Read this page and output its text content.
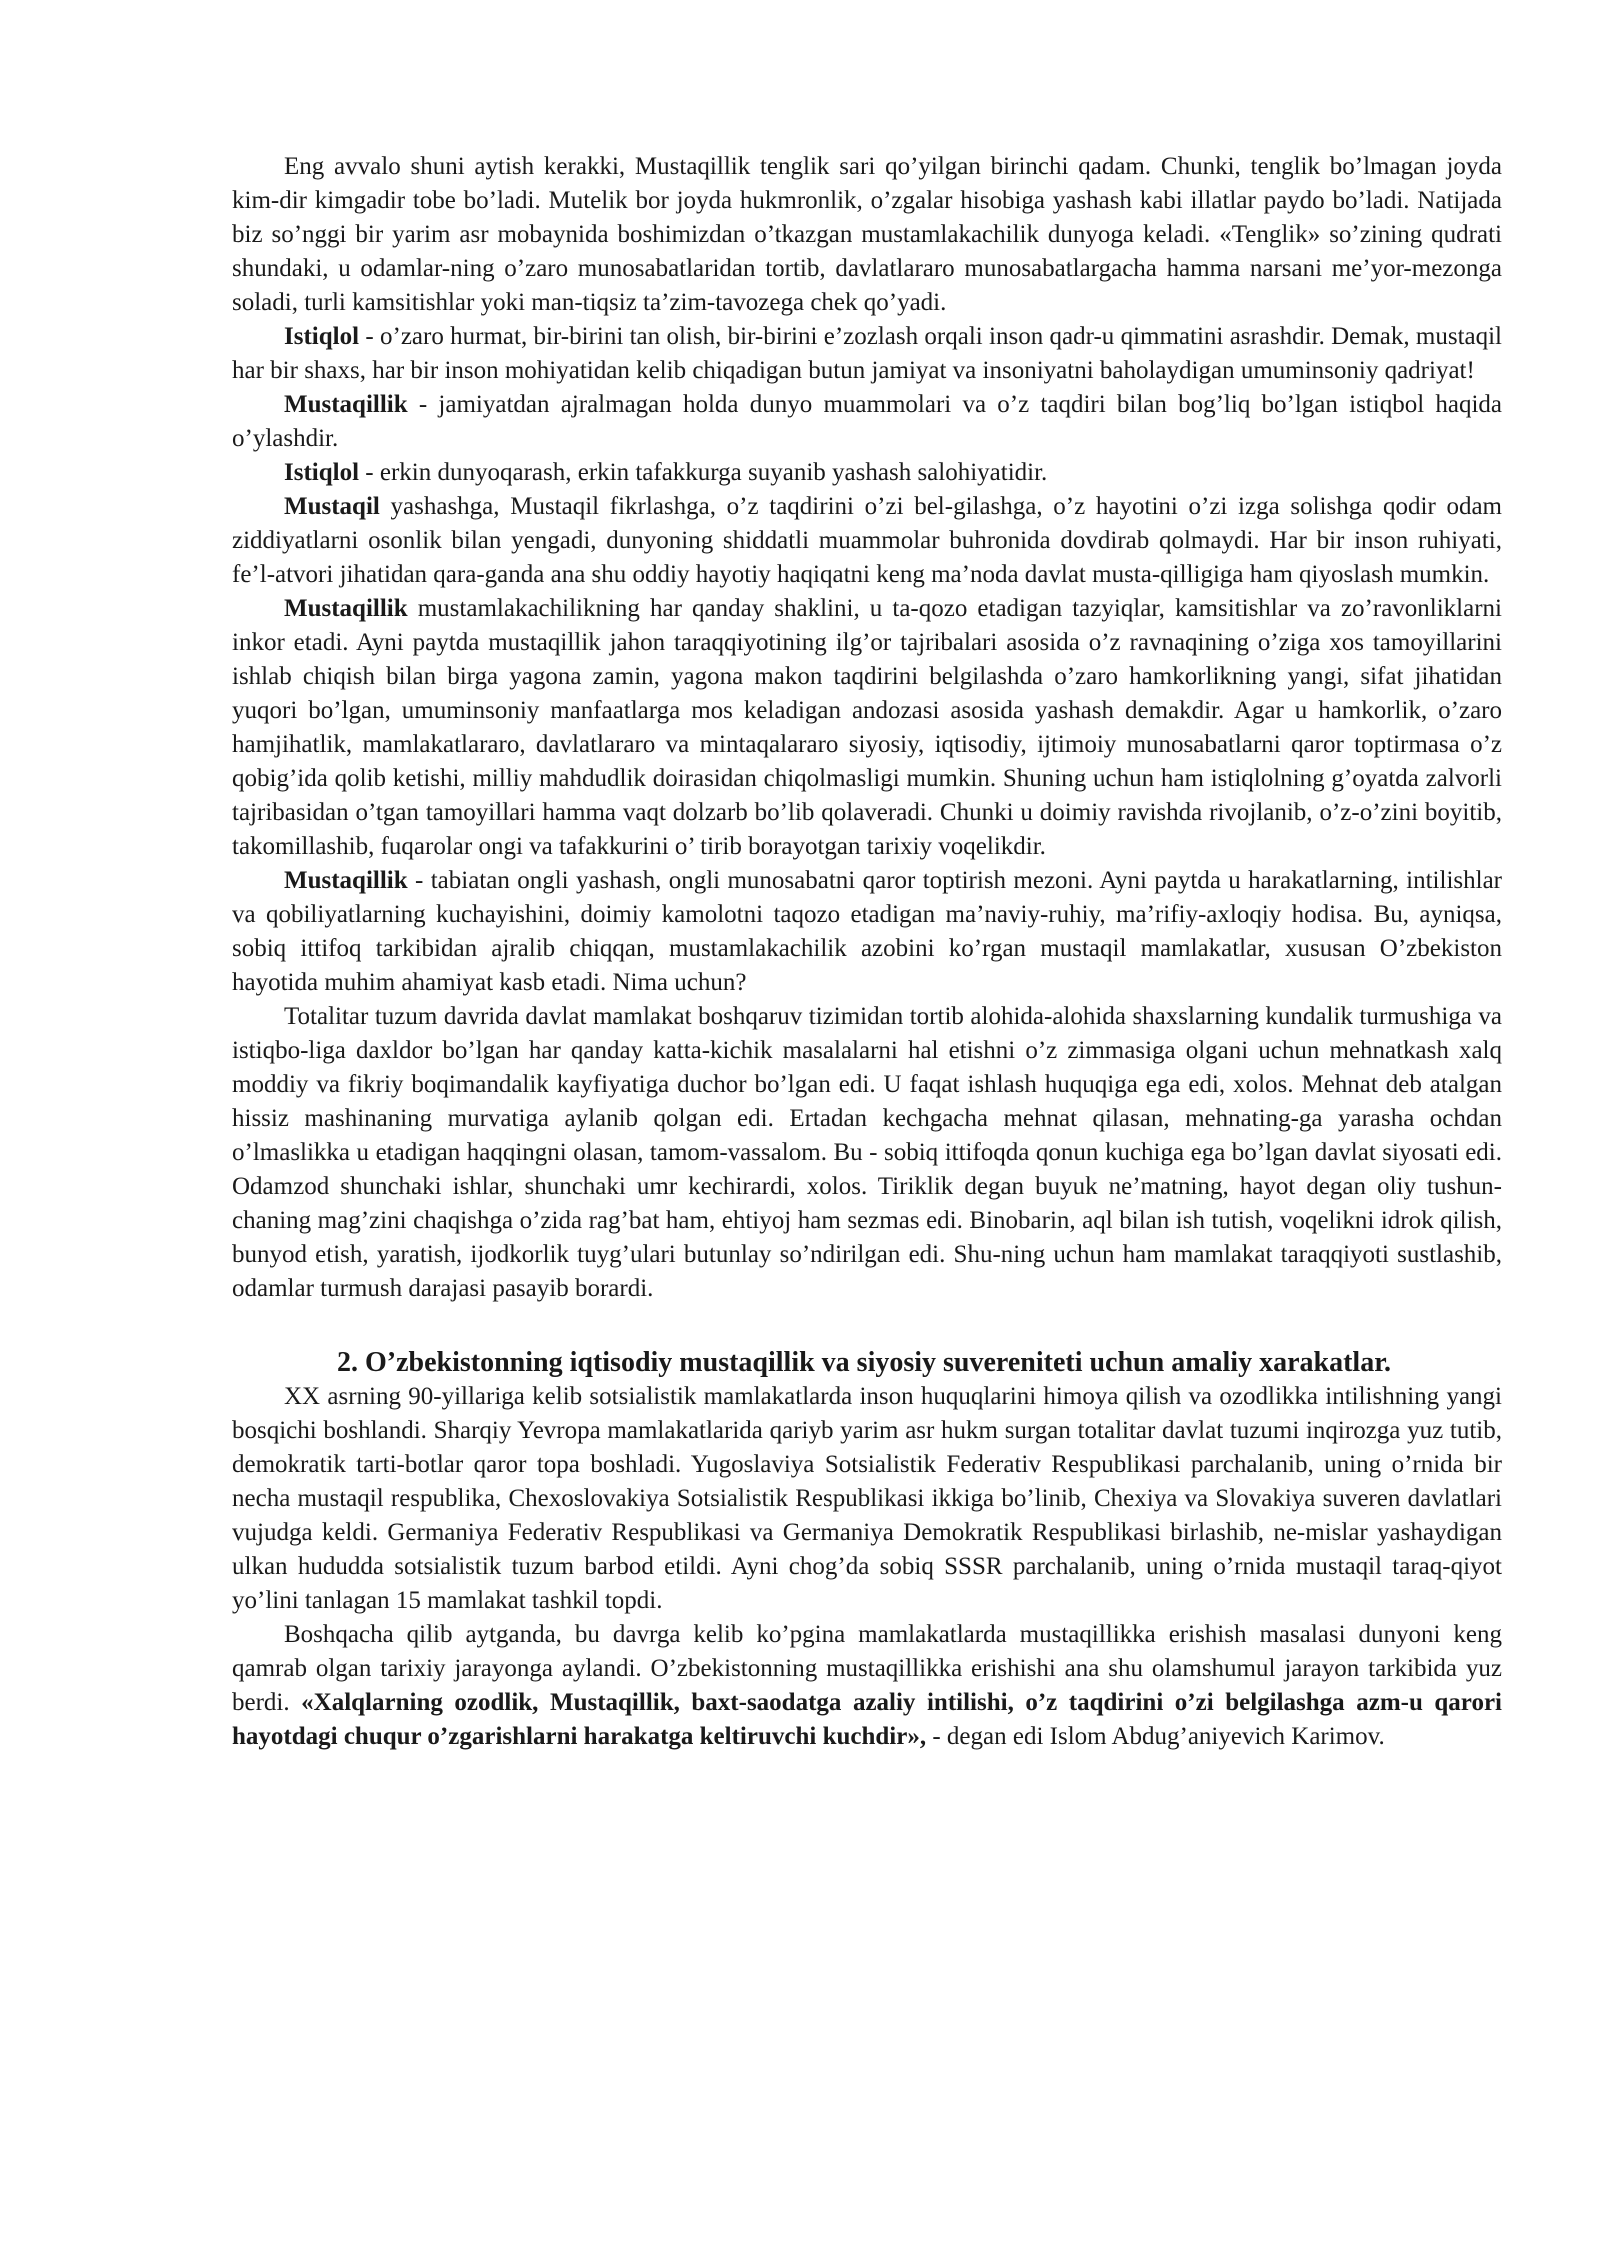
Eng avvalo shuni aytish kerakki, Mustaqillik tenglik sari qo’yilgan birinchi qadam. Chunki, tenglik bo’lmagan joyda kim-dir kimgadir tobe bo’ladi. Mutelik bor joyda hukmronlik, o’zgalar hisobiga yashash kabi illatlar paydo bo’ladi. Natijada biz so’nggi bir yarim asr mobaynida boshimizdan o’tkazgan mustamlakachilik dunyoga keladi. «Tenglik» so’zining qudrati shundaki, u odamlar-ning o’zaro munosabatlaridan tortib, davlatlararo munosabatlargacha hamma narsani me’yor-mezonga soladi, turli kamsitishlar yoki man-tiqsiz ta’zim-tavozega chek qo’yadi.

Istiqlol - o’zaro hurmat, bir-birini tan olish, bir-birini e’zozlash orqali inson qadr-u qimmatini asrashdir. Demak, mustaqil har bir shaxs, har bir inson mohiyatidan kelib chiqadigan butun jamiyat va insoniyatni baholaydigan umuminsoniy qadriyat!

Mustaqillik - jamiyatdan ajralmagan holda dunyo muammolari va o’z taqdiri bilan bog’liq bo’lgan istiqbol haqida o’ylashdir.

Istiqlol - erkin dunyoqarash, erkin tafakkurga suyanib yashash salohiyatidir.

Mustaqil yashashga, Mustaqil fikrlashga, o’z taqdirini o’zi bel-gilashga, o’z hayotini o’zi izga solishga qodir odam ziddiyatlarni osonlik bilan yengadi, dunyoning shiddatli muammolar buhronida dovdirab qolmaydi. Har bir inson ruhiyati, fe’l-atvori jihatidan qara-ganda ana shu oddiy hayotiy haqiqatni keng ma’noda davlat musta-qilligiga ham qiyoslash mumkin.

Mustaqillik mustamlakachilikning har qanday shaklini, u ta-qozo etadigan tazyiqlar, kamsitishlar va zo’ravonliklarni inkor etadi. Ayni paytda mustaqillik jahon taraqqiyotining ilg’or tajribalari asosida o’z ravnaqining o’ziga xos tamoyillarini ishlab chiqish bilan birga yagona zamin, yagona makon taqdirini belgilashda o’zaro hamkorlikning yangi, sifat jihatidan yuqori bo’lgan, umuminsoniy manfaatlarga mos keladigan andozasi asosida yashash demakdir. Agar u hamkorlik, o’zaro hamjihatlik, mamlakatlararo, davlatlararo va mintaqalararo siyosiy, iqtisodiy, ijtimoiy munosabatlarni qaror toptirmasa o’z qobig’ida qolib ketishi, milliy mahdudlik doirasidan chiqolmasligi mumkin. Shuning uchun ham istiqlolning g’oyatda zalvorli tajribasidan o’tgan tamoyillari hamma vaqt dolzarb bo’lib qolaveradi. Chunki u doimiy ravishda rivojlanib, o’z-o’zini boyitib, takomillashib, fuqarolar ongi va tafakkurini o’ tirib borayotgan tarixiy voqelikdir.

Mustaqillik - tabiatan ongli yashash, ongli munosabatni qaror toptirish mezoni. Ayni paytda u harakatlarning, intilishlar va qobiliyatlarning kuchayishini, doimiy kamolotni taqozo etadigan ma’naviy-ruhiy, ma’rifiy-axloqiy hodisa. Bu, ayniqsa, sobiq ittifoq tarkibidan ajralib chiqqan, mustamlakachilik azobini ko’rgan mustaqil mamlakatlar, xususan O’zbekiston hayotida muhim ahamiyat kasb etadi. Nima uchun?

Totalitar tuzum davrida davlat mamlakat boshqaruv tizimidan tortib alohida-alohida shaxslarning kundalik turmushiga va istiqbo-liga daxldor bo’lgan har qanday katta-kichik masalalarni hal etishni o’z zimmasiga olgani uchun mehnatkash xalq moddiy va fikriy boqimandalik kayfiyatiga duchor bo’lgan edi. U faqat ishlash huquqiga ega edi, xolos. Mehnat deb atalgan hissiz mashinaning murvatiga aylanib qolgan edi. Ertadan kechgacha mehnat qilasan, mehnating-ga yarasha ochdan o’lmaslikka u etadigan haqqingni olasan, tamom-vassalom. Bu - sobiq ittifoqda qonun kuchiga ega bo’lgan davlat siyosati edi. Odamzod shunchaki ishlar, shunchaki umr kechirardi, xolos. Tiriklik degan buyuk ne’matning, hayot degan oliy tushun-chaning mag’zini chaqishga o’zida rag’bat ham, ehtiyoj ham sezmas edi. Binobarin, aql bilan ish tutish, voqelikni idrok qilish, bunyod etish, yaratish, ijodkorlik tuyg’ulari butunlay so’ndirilgan edi. Shu-ning uchun ham mamlakat taraqqiyoti sustlashib, odamlar turmush darajasi pasayib borardi.

2. O’zbekistonning iqtisodiy mustaqillik va siyosiy suvereniteti uchun amaliy xarakatlar.

XX asrning 90-yillariga kelib sotsialistik mamlakatlarda inson huquqlarini himoya qilish va ozodlikka intilishning yangi bosqichi boshlandi. Sharqiy Yevropa mamlakatlarida qariyb yarim asr hukm surgan totalitar davlat tuzumi inqirozga yuz tutib, demokratik tarti-botlar qaror topa boshladi. Yugoslaviya Sotsialistik Federativ Respublikasi parchalanib, uning o’rnida bir necha mustaqil respublika, Chexoslovakiya Sotsialistik Respublikasi ikkiga bo’linib, Chexiya va Slovakiya suveren davlatlari vujudga keldi. Germaniya Federativ Respublikasi va Germaniya Demokratik Respublikasi birlashib, ne-mislar yashaydigan ulkan hududda sotsialistik tuzum barbod etildi. Ayni chog’da sobiq SSSR parchalanib, uning o’rnida mustaqil taraq-qiyot yo’lini tanlagan 15 mamlakat tashkil topdi.

Boshqacha qilib aytganda, bu davrga kelib ko’pgina mamlakatlarda mustaqillikka erishish masalasi dunyoni keng qamrab olgan tarixiy jarayonga aylandi. O’zbekistonning mustaqillikka erishishi ana shu olamshumul jarayon tarkibida yuz berdi. «Xalqlarning ozodlik, Mustaqillik, baxt-saodatga azaliy intilishi, o’z taqdirini o’zi belgilashga azm-u qarori hayotdagi chuqur o’zgarishlarni harakatga keltiruvchi kuchdir», - degan edi Islom Abdug’aniyevich Karimov.
